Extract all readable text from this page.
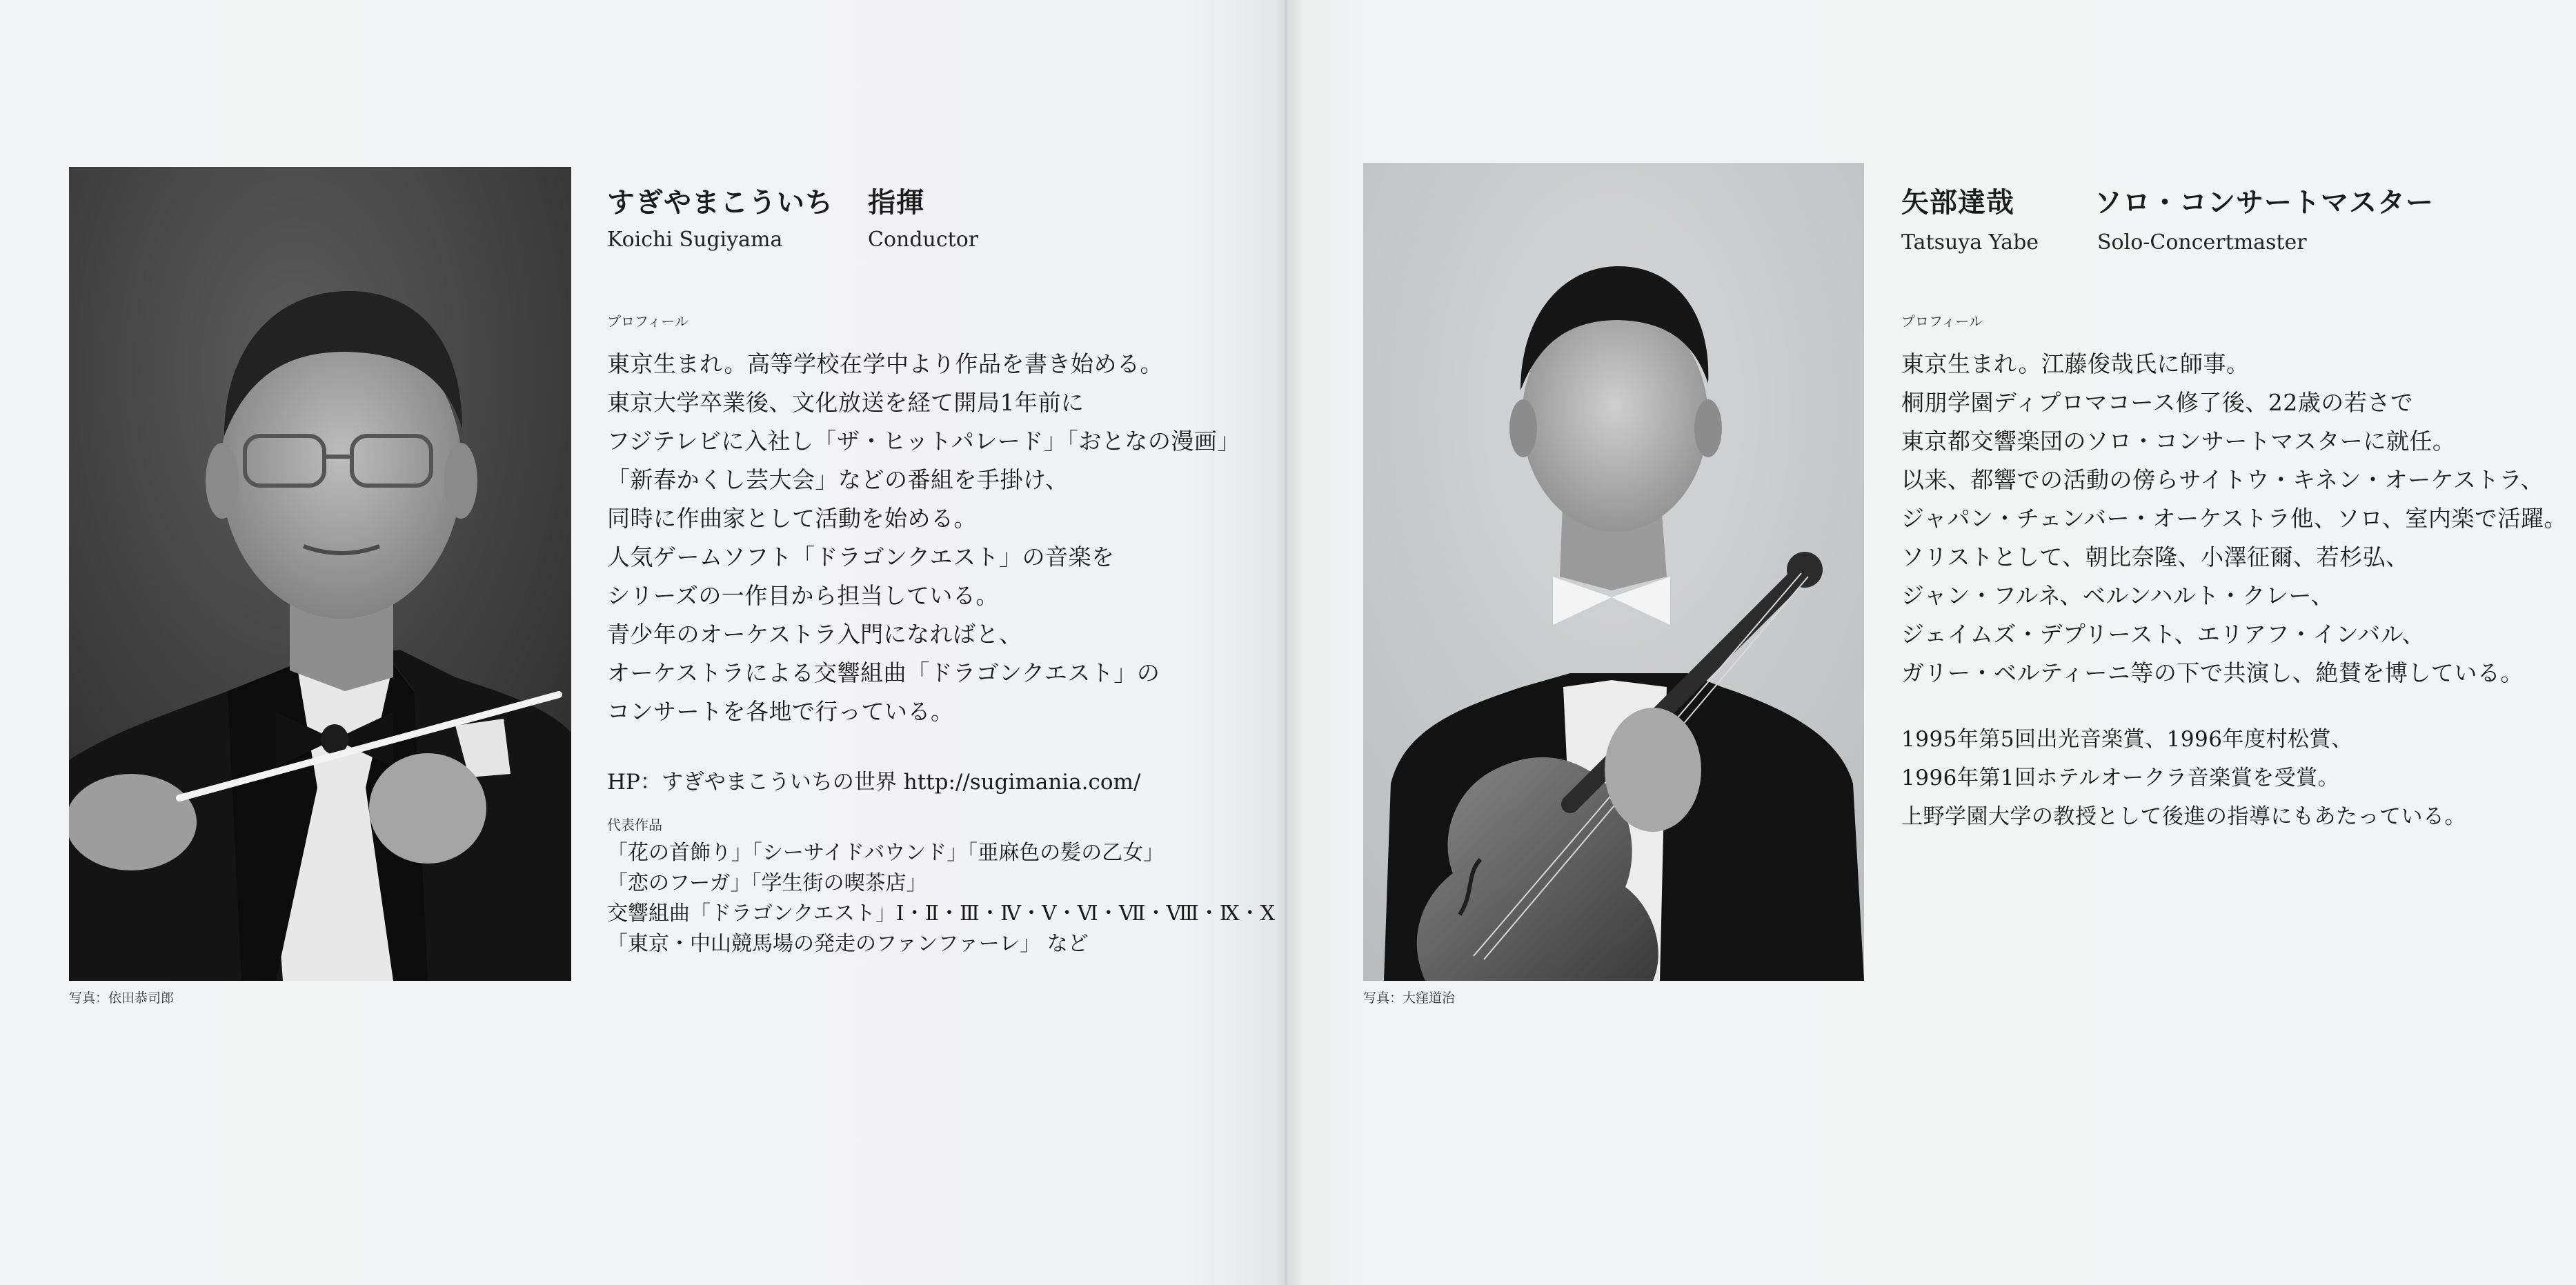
写真：依田恭司郎
すぎやまこういち 指揮
Koichi Sugiyama	Conductor
プロフィール
東京生まれ。高等学校在学中より作品を書き始める。
東京大学卒業後、文化放送を経て開局1年前に
フジテレビに入社し「ザ・ヒットパレード」「おとなの漫画」
「新春かくし芸大会」などの番組を手掛け、
同時に作曲家として活動を始める。
人気ゲームソフト「ドラゴンクエスト」の音楽を
シリーズの一作目から担当している。
青少年のオーケストラ入門になればと、
オーケストラによる交響組曲「ドラゴンクエスト」の
コンサートを各地で行っている。
HP：すぎやまこういちの世界 http://sugimania.com/
代表作品
「花の首飾り」「シーサイドバウンド」「亜麻色の髪の乙女」
「恋のフーガ」「学生街の喫茶店」
交響組曲「ドラゴンクエスト」Ⅰ・Ⅱ・Ⅲ・Ⅳ・Ⅴ・Ⅵ・Ⅶ・Ⅷ・Ⅸ・Ⅹ
「東京・中山競馬場の発走のファンファーレ」 など
写真：大窪道治
矢部達哉	ソロ・コンサートマスター
Tatsuya Yabe	Solo-Concertmaster
プロフィール
東京生まれ。江藤俊哉氏に師事。
桐朋学園ディプロマコース修了後、22歳の若さで
東京都交響楽団のソロ・コンサートマスターに就任。
以来、都響での活動の傍らサイトウ・キネン・オーケストラ、
ジャパン・チェンバー・オーケストラ他、ソロ、室内楽で活躍。
ソリストとして、朝比奈隆、小澤征爾、若杉弘、
ジャン・フルネ、ベルンハルト・クレー、
ジェイムズ・デプリースト、エリアフ・インバル、
ガリー・ベルティーニ等の下で共演し、絶賛を博している。
1995年第5回出光音楽賞、1996年度村松賞、
1996年第1回ホテルオークラ音楽賞を受賞。
上野学園大学の教授として後進の指導にもあたっている。
